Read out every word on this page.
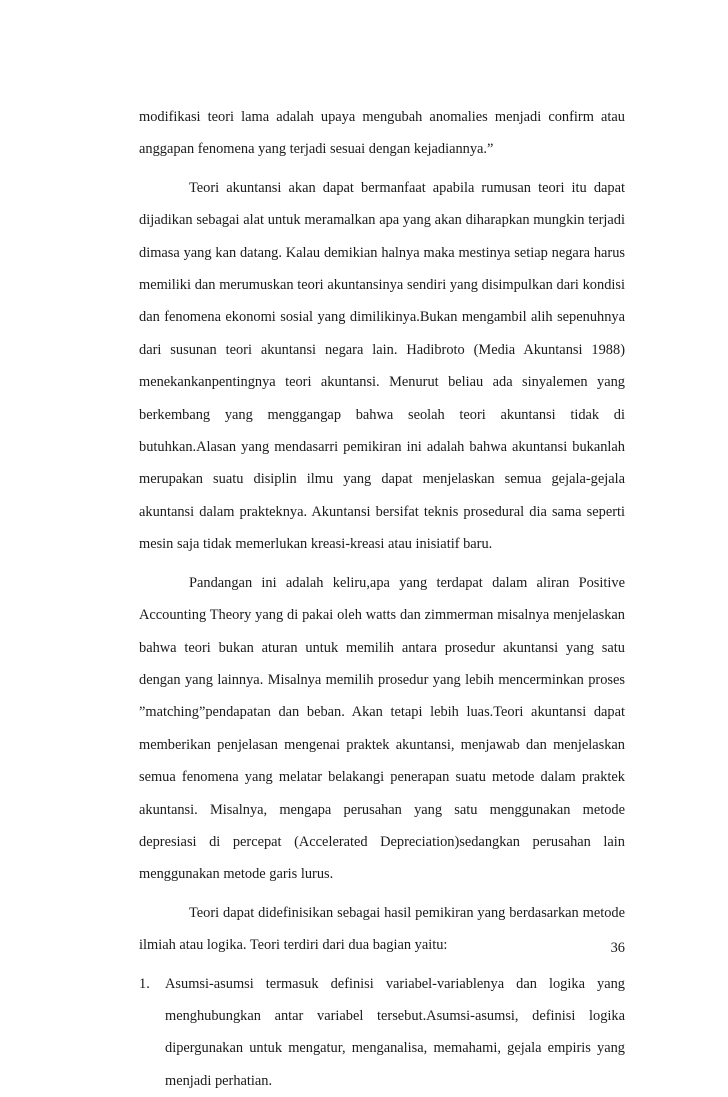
modifikasi teori lama adalah upaya mengubah anomalies menjadi confirm atau anggapan fenomena yang terjadi sesuai dengan kejadiannya.”

Teori akuntansi akan dapat bermanfaat apabila rumusan teori itu dapat dijadikan sebagai alat untuk meramalkan apa yang akan diharapkan mungkin terjadi dimasa yang kan datang. Kalau demikian halnya maka mestinya setiap negara harus memiliki dan merumuskan teori akuntansinya sendiri yang disimpulkan dari kondisi dan fenomena ekonomi sosial yang dimilikinya.Bukan mengambil alih sepenuhnya dari susunan teori akuntansi negara lain. Hadibroto (Media Akuntansi 1988) menekankanpentingnya teori akuntansi. Menurut beliau ada sinyalemen yang berkembang yang menggangap bahwa seolah teori akuntansi tidak di butuhkan.Alasan yang mendasarri pemikiran ini adalah bahwa akuntansi bukanlah merupakan suatu disiplin ilmu yang dapat menjelaskan semua gejala-gejala akuntansi dalam prakteknya. Akuntansi bersifat teknis prosedural dia sama seperti mesin saja tidak memerlukan kreasi-kreasi atau inisiatif baru.

Pandangan ini adalah keliru,apa yang terdapat dalam aliran Positive Accounting Theory yang di pakai oleh watts dan zimmerman misalnya menjelaskan bahwa teori bukan aturan untuk memilih antara prosedur akuntansi yang satu dengan yang lainnya. Misalnya memilih prosedur yang lebih mencerminkan proses ”matching”pendapatan dan beban. Akan tetapi lebih luas.Teori akuntansi dapat memberikan penjelasan mengenai praktek akuntansi, menjawab dan menjelaskan semua fenomena yang melatar belakangi penerapan suatu metode dalam praktek akuntansi. Misalnya, mengapa perusahan yang satu menggunakan metode depresiasi di percepat (Accelerated Depreciation)sedangkan perusahan lain menggunakan metode garis lurus.

Teori dapat didefinisikan sebagai hasil pemikiran yang berdasarkan metode ilmiah atau logika. Teori terdiri dari dua bagian yaitu:

1. Asumsi-asumsi termasuk definisi variabel-variablenya dan logika yang menghubungkan antar variabel tersebut.Asumsi-asumsi, definisi logika dipergunakan untuk mengatur, menganalisa, memahami, gejala empiris yang menjadi perhatian.
36
